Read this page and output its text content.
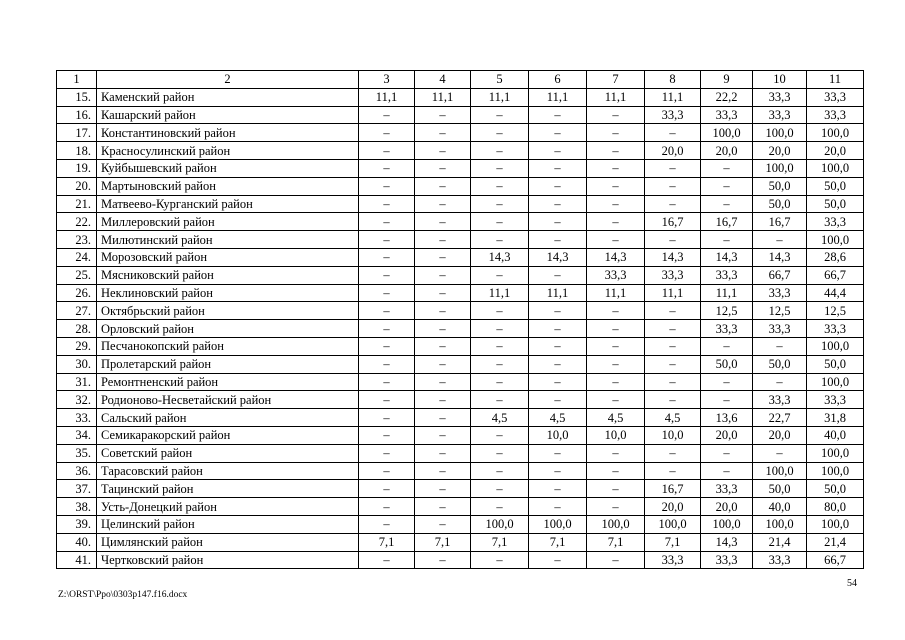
1	2	3	4	5	6	7	8	9	10	11
15.	Каменский район	11,1	11,1	11,1	11,1	11,1	11,1	22,2	33,3	33,3
16.	Кашарский район	–	–	–	–	–	33,3	33,3	33,3	33,3
17.	Константиновский район	–	–	–	–	–	–	100,0	100,0	100,0
18.	Красносулинский район	–	–	–	–	–	20,0	20,0	20,0	20,0
19.	Куйбышевский район	–	–	–	–	–	–	–	100,0	100,0
20.	Мартыновский район	–	–	–	–	–	–	–	50,0	50,0
21.	Матвеево-Курганский район	–	–	–	–	–	–	–	50,0	50,0
22.	Миллеровский район	–	–	–	–	–	16,7	16,7	16,7	33,3
23.	Милютинский район	–	–	–	–	–	–	–	–	100,0
24.	Морозовский район	–	–	14,3	14,3	14,3	14,3	14,3	14,3	28,6
25.	Мясниковский район	–	–	–	–	33,3	33,3	33,3	66,7	66,7
26.	Неклиновский район	–	–	11,1	11,1	11,1	11,1	11,1	33,3	44,4
27.	Октябрьский район	–	–	–	–	–	–	12,5	12,5	12,5
28.	Орловский район	–	–	–	–	–	–	33,3	33,3	33,3
29.	Песчанокопский район	–	–	–	–	–	–	–	–	100,0
30.	Пролетарский район	–	–	–	–	–	–	50,0	50,0	50,0
31.	Ремонтненский район	–	–	–	–	–	–	–	–	100,0
32.	Родионово-Несветайский район	–	–	–	–	–	–	–	33,3	33,3
33.	Сальский район	–	–	4,5	4,5	4,5	4,5	13,6	22,7	31,8
34.	Семикаракорский район	–	–	–	10,0	10,0	10,0	20,0	20,0	40,0
35.	Советский район	–	–	–	–	–	–	–	–	100,0
36.	Тарасовский район	–	–	–	–	–	–	–	100,0	100,0
37.	Тацинский район	–	–	–	–	–	16,7	33,3	50,0	50,0
38.	Усть-Донецкий район	–	–	–	–	–	20,0	20,0	40,0	80,0
39.	Целинский район	–	–	100,0	100,0	100,0	100,0	100,0	100,0	100,0
40.	Цимлянский район	7,1	7,1	7,1	7,1	7,1	7,1	14,3	21,4	21,4
41.	Чертковский район	–	–	–	–	–	33,3	33,3	33,3	66,7
54
Z:\ORST\Ppo\0303p147.f16.docx
